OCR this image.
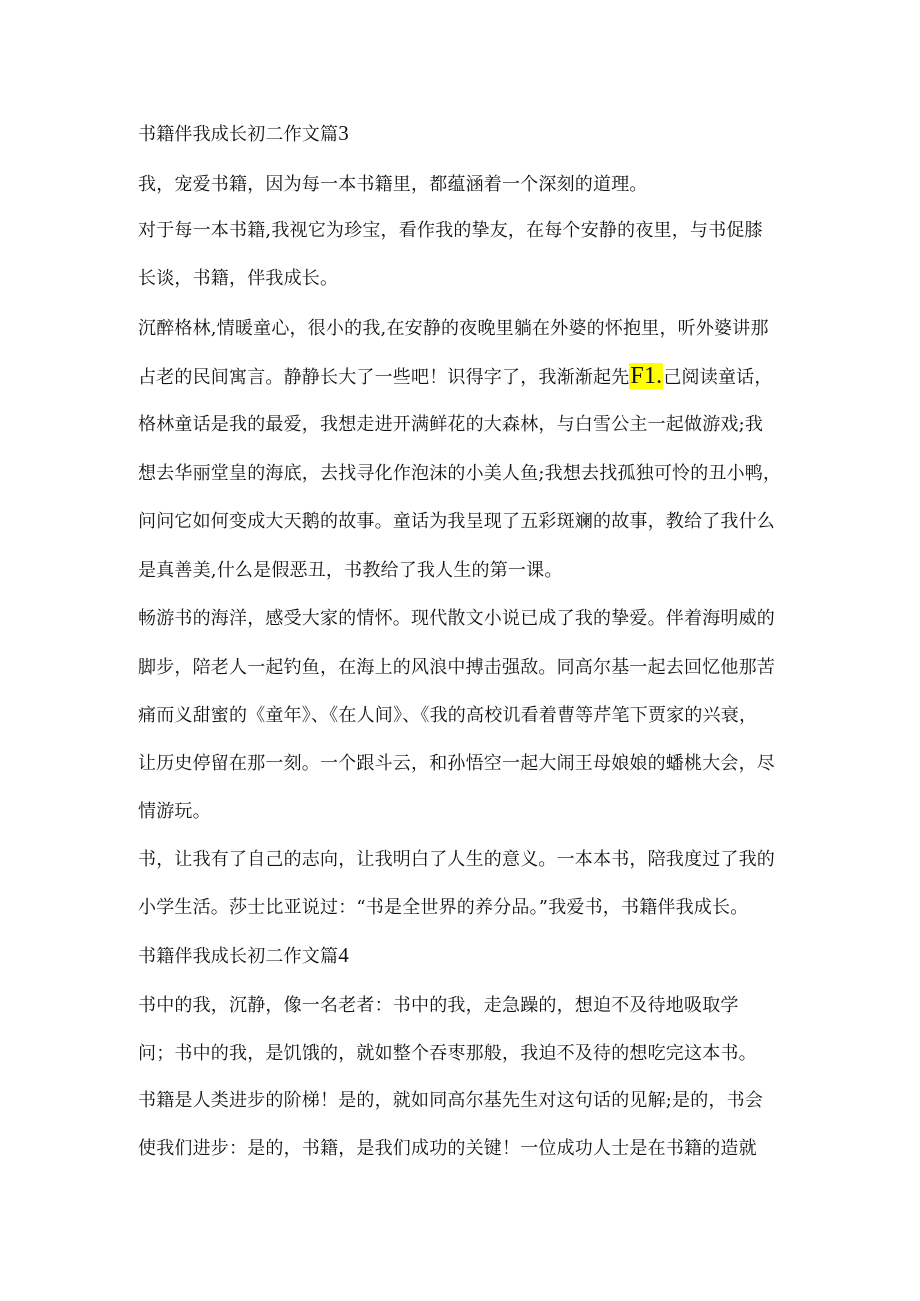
书籍伴我成长初二作文篇3
我，宠爱书籍，因为每一本书籍里，都蕴涵着一个深刻的道理。
对于每一本书籍,我视它为珍宝，看作我的挚友，在每个安静的夜里，与书促膝
长谈，书籍，伴我成长。
沉醉格林,情暖童心，很小的我,在安静的夜晚里躺在外婆的怀抱里，听外婆讲那
占老的民间寓言。静静长大了一些吧！识得字了，我渐渐起先F1.己阅读童话，
格林童话是我的最爱，我想走进开满鲜花的大森林，与白雪公主一起做游戏;我
想去华丽堂皇的海底，去找寻化作泡沫的小美人鱼;我想去找孤独可怜的丑小鸭，
问问它如何变成大天鹅的故事。童话为我呈现了五彩斑斓的故事，教给了我什么
是真善美,什么是假恶丑，书教给了我人生的第一课。
畅游书的海洋，感受大家的情怀。现代散文小说已成了我的挚爱。伴着海明威的
脚步，陪老人一起钓鱼，在海上的风浪中搏击强敌。同高尔基一起去回忆他那苦
痛而义甜蜜的《童年》、《在人间》、《我的高校讥看着曹等芹笔下贾家的兴衰，
让历史停留在那一刻。一个跟斗云，和孙悟空一起大闹王母娘娘的蟠桃大会，尽
情游玩。
书，让我有了自己的志向，让我明白了人生的意义。一本本书，陪我度过了我的
小学生活。莎士比亚说过：“书是全世界的养分品。”我爱书，书籍伴我成长。
书籍伴我成长初二作文篇4
书中的我，沉静，像一名老者：书中的我，走急躁的，想迫不及待地吸取学
问；书中的我，是饥饿的，就如整个吞枣那般，我迫不及待的想吃完这本书。
书籍是人类进步的阶梯！是的，就如同高尔基先生对这句话的见解;是的，书会
使我们进步：是的，书籍，是我们成功的关键！一位成功人士是在书籍的造就
